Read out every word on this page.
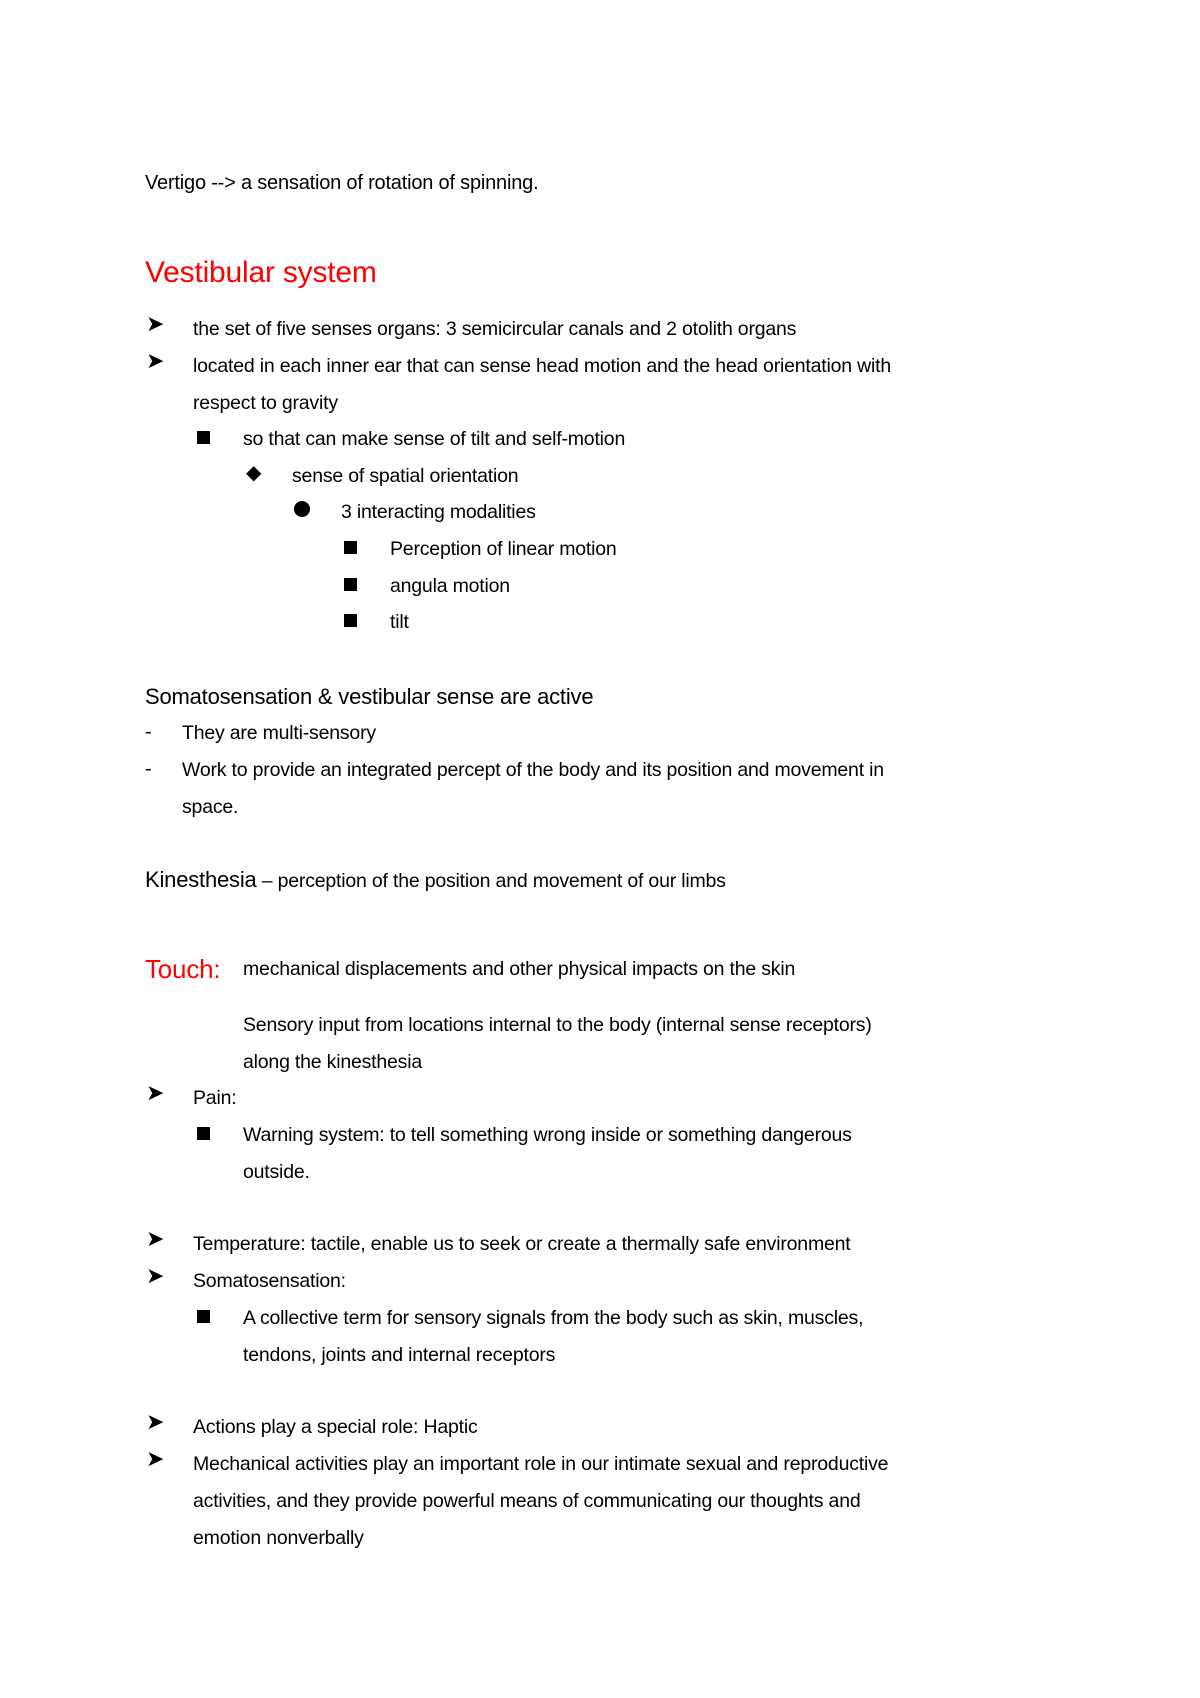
Vertigo --> a sensation of rotation of spinning.
Vestibular system
➤ the set of five senses organs: 3 semicircular canals and 2 otolith organs
➤ located in each inner ear that can sense head motion and the head orientation with
respect to gravity
so that can make sense of tilt and self-motion
◆ sense of spatial orientation
3 interacting modalities
Perception of linear motion
angula motion
tilt
Somatosensation & vestibular sense are active
- They are multi-sensory
- Work to provide an integrated percept of the body and its position and movement in
space.
Kinesthesia – perception of the position and movement of our limbs
Touch: mechanical displacements and other physical impacts on the skin
Sensory input from locations internal to the body (internal sense receptors)
along the kinesthesia
➤ Pain:
Warning system: to tell something wrong inside or something dangerous
outside.
➤ Temperature: tactile, enable us to seek or create a thermally safe environment
➤ Somatosensation:
A collective term for sensory signals from the body such as skin, muscles,
tendons, joints and internal receptors
➤ Actions play a special role: Haptic
➤ Mechanical activities play an important role in our intimate sexual and reproductive
activities, and they provide powerful means of communicating our thoughts and
emotion nonverbally
